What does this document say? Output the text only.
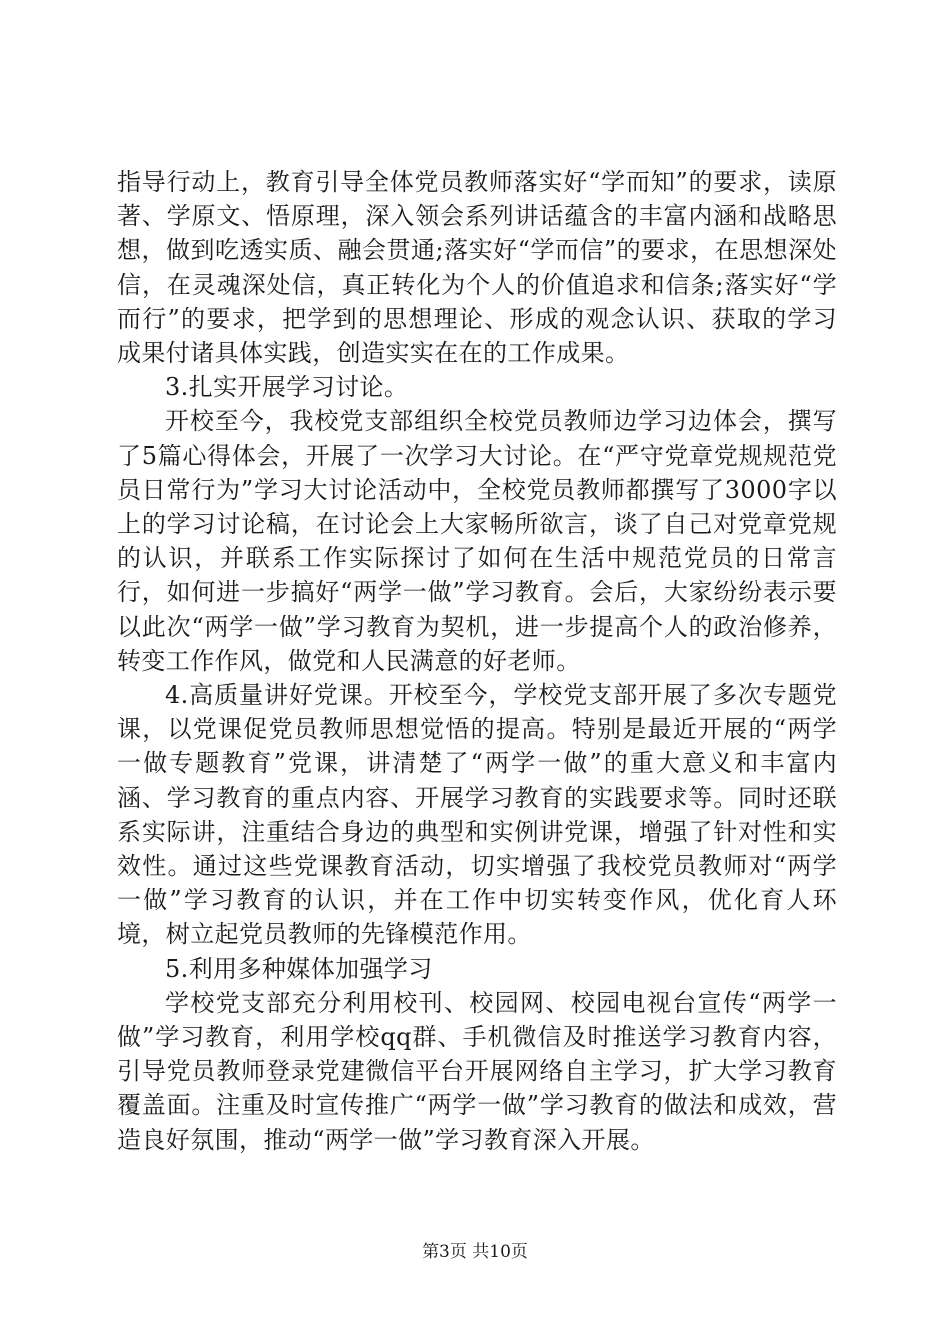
指导行动上，教育引导全体党员教师落实好“学而知”的要求，读原著、学原文、悟原理，深入领会系列讲话蕴含的丰富内涵和战略思想，做到吃透实质、融会贯通;落实好“学而信”的要求，在思想深处信，在灵魂深处信，真正转化为个人的价值追求和信条;落实好“学而行”的要求，把学到的思想理论、形成的观念认识、获取的学习成果付诸具体实践，创造实实在在的工作成果。

3.扎实开展学习讨论。

开校至今，我校党支部组织全校党员教师边学习边体会，撰写了5篇心得体会，开展了一次学习大讨论。在“严守党章党规规范党员日常行为”学习大讨论活动中，全校党员教师都撰写了3000字以上的学习讨论稿，在讨论会上大家畅所欲言，谈了自己对党章党规的认识，并联系工作实际探讨了如何在生活中规范党员的日常言行，如何进一步搞好“两学一做”学习教育。会后，大家纷纷表示要以此次“两学一做”学习教育为契机，进一步提高个人的政治修养，转变工作作风，做党和人民满意的好老师。

4.高质量讲好党课。开校至今，学校党支部开展了多次专题党课，以党课促党员教师思想觉悟的提高。特别是最近开展的“两学一做专题教育”党课，讲清楚了“两学一做”的重大意义和丰富内涵、学习教育的重点内容、开展学习教育的实践要求等。同时还联系实际讲，注重结合身边的典型和实例讲党课，增强了针对性和实效性。通过这些党课教育活动，切实增强了我校党员教师对“两学一做”学习教育的认识，并在工作中切实转变作风，优化育人环境，树立起党员教师的先锋模范作用。

5.利用多种媒体加强学习

学校党支部充分利用校刊、校园网、校园电视台宣传“两学一做”学习教育，利用学校qq群、手机微信及时推送学习教育内容，引导党员教师登录党建微信平台开展网络自主学习，扩大学习教育覆盖面。注重及时宣传推广“两学一做”学习教育的做法和成效，营造良好氛围，推动“两学一做”学习教育深入开展。

第3页 共10页
